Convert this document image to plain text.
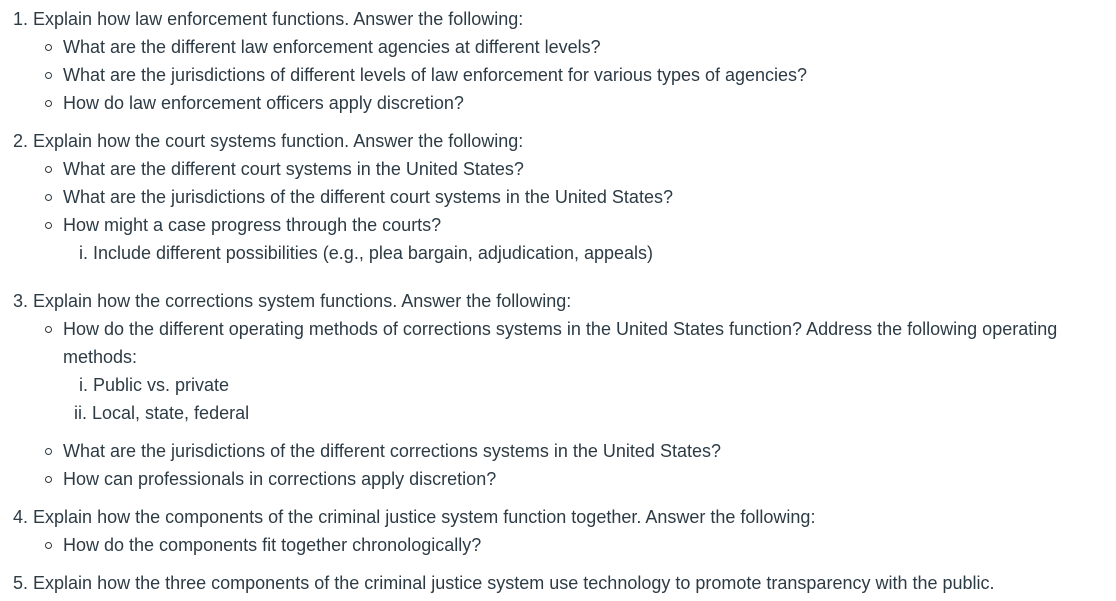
1. Explain how law enforcement functions. Answer the following:
What are the different law enforcement agencies at different levels?
What are the jurisdictions of different levels of law enforcement for various types of agencies?
How do law enforcement officers apply discretion?
2. Explain how the court systems function. Answer the following:
What are the different court systems in the United States?
What are the jurisdictions of the different court systems in the United States?
How might a case progress through the courts?
i. Include different possibilities (e.g., plea bargain, adjudication, appeals)
3. Explain how the corrections system functions. Answer the following:
How do the different operating methods of corrections systems in the United States function? Address the following operating
methods:
i. Public vs. private
ii. Local, state, federal
What are the jurisdictions of the different corrections systems in the United States?
How can professionals in corrections apply discretion?
4. Explain how the components of the criminal justice system function together. Answer the following:
How do the components fit together chronologically?
5. Explain how the three components of the criminal justice system use technology to promote transparency with the public.
